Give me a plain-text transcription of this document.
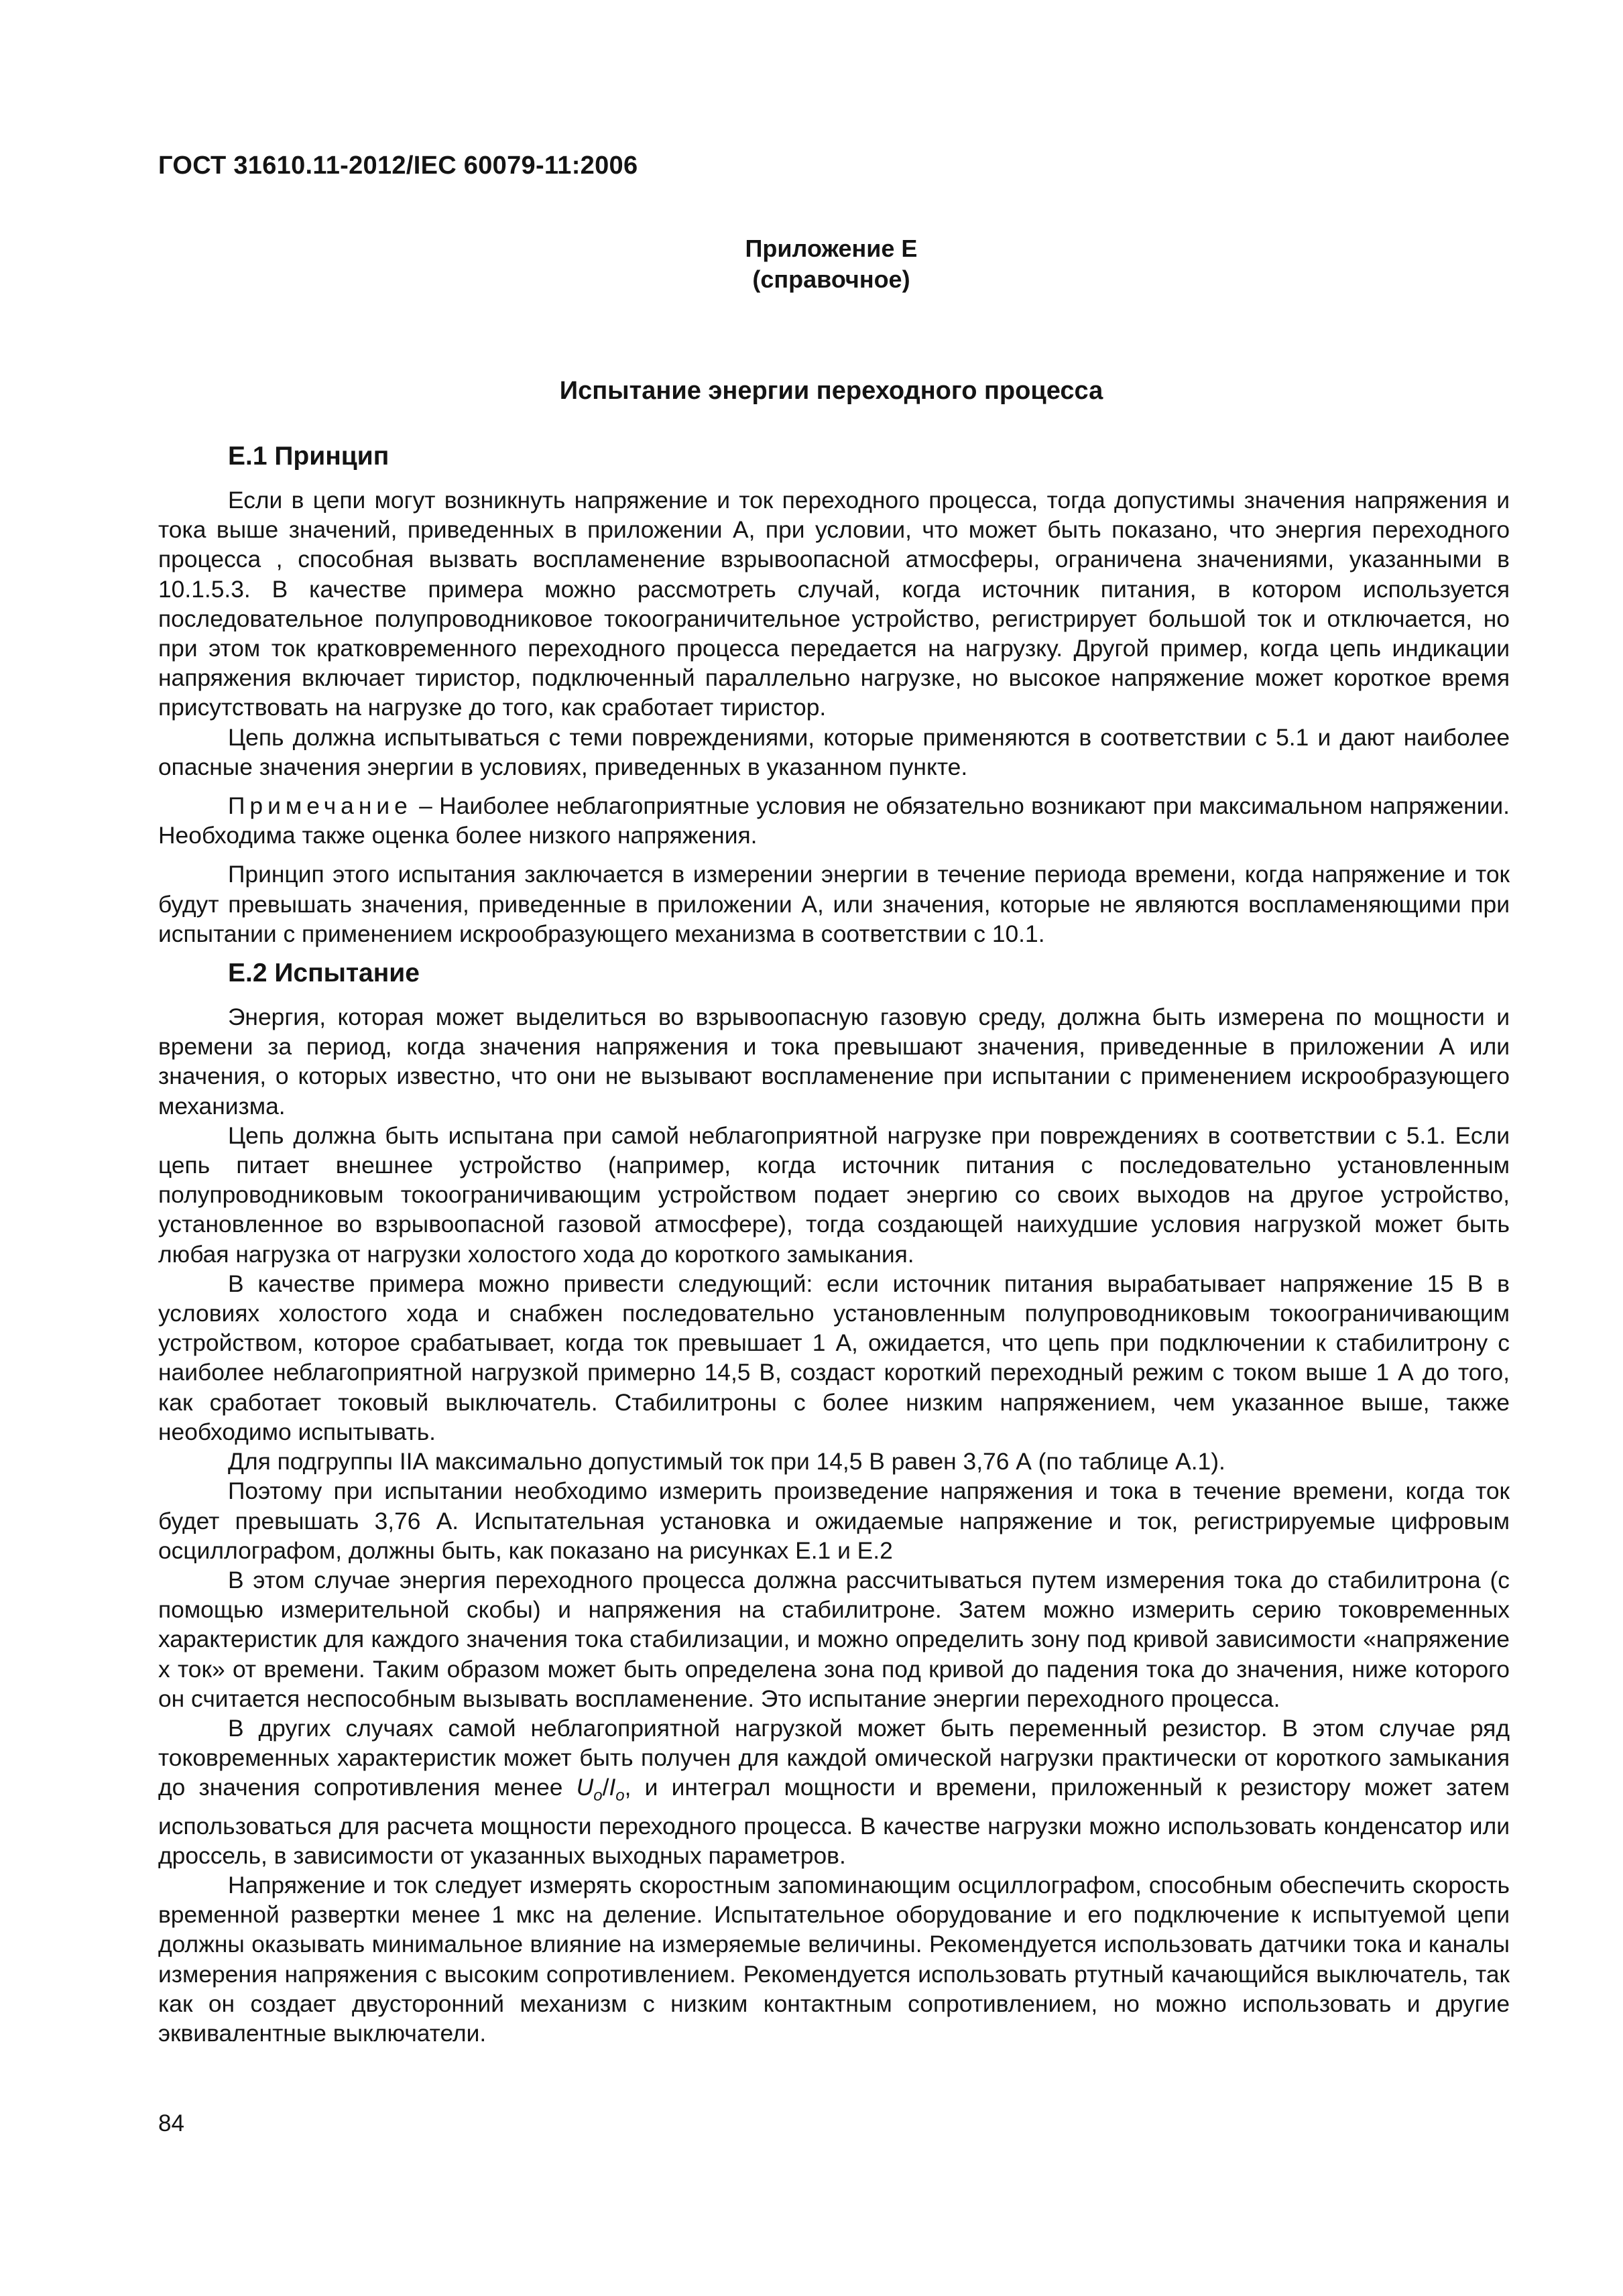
ГОСТ 31610.11-2012/IEC 60079-11:2006
Приложение Е
(справочное)
Испытание энергии переходного процесса
Е.1 Принцип

Если в цепи могут возникнуть напряжение и ток переходного процесса, тогда допустимы значения напряжения и тока выше значений, приведенных в приложении А, при условии, что может быть показано, что энергия переходного процесса , способная вызвать воспламенение взрывоопасной атмосферы, ограничена значениями, указанными в 10.1.5.3. В качестве примера можно рассмотреть случай, когда источник питания, в котором используется последовательное полупроводниковое токоограничительное устройство, регистрирует большой ток и отключается, но при этом ток кратковременного переходного процесса передается на нагрузку. Другой пример, когда цепь индикации напряжения включает тиристор, подключенный параллельно нагрузке, но высокое напряжение может короткое время присутствовать на нагрузке до того, как сработает тиристор.

Цепь должна испытываться с теми повреждениями, которые применяются в соответствии с 5.1 и дают наиболее опасные значения энергии в условиях, приведенных в указанном пункте.

Примечание – Наиболее неблагоприятные условия не обязательно возникают при максимальном напряжении. Необходима также оценка более низкого напряжения.

Принцип этого испытания заключается в измерении энергии в течение периода времени, когда напряжение и ток будут превышать значения, приведенные в приложении А, или значения, которые не являются воспламеняющими при испытании с применением искрообразующего механизма в соответствии с 10.1.

Е.2 Испытание

Энергия, которая может выделиться во взрывоопасную газовую среду, должна быть измерена по мощности и времени за период, когда значения напряжения и тока превышают значения, приведенные в приложении А или значения, о которых известно, что они не вызывают воспламенение при испытании с применением искрообразующего механизма.

Цепь должна быть испытана при самой неблагоприятной нагрузке при повреждениях в соответствии с 5.1. Если цепь питает внешнее устройство (например, когда источник питания с последовательно установленным полупроводниковым токоограничивающим устройством подает энергию со своих выходов на другое устройство, установленное во взрывоопасной газовой атмосфере), тогда создающей наихудшие условия нагрузкой может быть любая нагрузка от нагрузки холостого хода до короткого замыкания.

В качестве примера можно привести следующий: если источник питания вырабатывает напряжение 15 В в условиях холостого хода и снабжен последовательно установленным полупроводниковым токоограничивающим устройством, которое срабатывает, когда ток превышает 1 А, ожидается, что цепь при подключении к стабилитрону с наиболее неблагоприятной нагрузкой примерно 14,5 В, создаст короткий переходный режим с током выше 1 А до того, как сработает токовый выключатель. Стабилитроны с более низким напряжением, чем указанное выше, также необходимо испытывать.

Для подгруппы IIА максимально допустимый ток при 14,5 В равен 3,76 А (по таблице А.1).

Поэтому при испытании необходимо измерить произведение напряжения и тока в течение времени, когда ток будет превышать 3,76 А. Испытательная установка и ожидаемые напряжение и ток, регистрируемые цифровым осциллографом, должны быть, как показано на рисунках Е.1 и Е.2

В этом случае энергия переходного процесса должна рассчитываться путем измерения тока до стабилитрона (с помощью измерительной скобы) и напряжения на стабилитроне. Затем можно измерить серию токовременных характеристик для каждого значения тока стабилизации, и можно определить зону под кривой зависимости «напряжение х ток» от времени. Таким образом может быть определена зона под кривой до падения тока до значения, ниже которого он считается неспособным вызывать воспламенение. Это испытание энергии переходного процесса.

В других случаях самой неблагоприятной нагрузкой может быть переменный резистор. В этом случае ряд токовременных характеристик может быть получен для каждой омической нагрузки практически от короткого замыкания до значения сопротивления менее $U_o/I_o$, и интеграл мощности и времени, приложенный к резистору может затем использоваться для расчета мощности переходного процесса. В качестве нагрузки можно использовать конденсатор или дроссель, в зависимости от указанных выходных параметров.

Напряжение и ток следует измерять скоростным запоминающим осциллографом, способным обеспечить скорость временной развертки менее 1 мкс на деление. Испытательное оборудование и его подключение к испытуемой цепи должны оказывать минимальное влияние на измеряемые величины. Рекомендуется использовать датчики тока и каналы измерения напряжения с высоким сопротивлением. Рекомендуется использовать ртутный качающийся выключатель, так как он создает двусторонний механизм с низким контактным сопротивлением, но можно использовать и другие эквивалентные выключатели.

84
